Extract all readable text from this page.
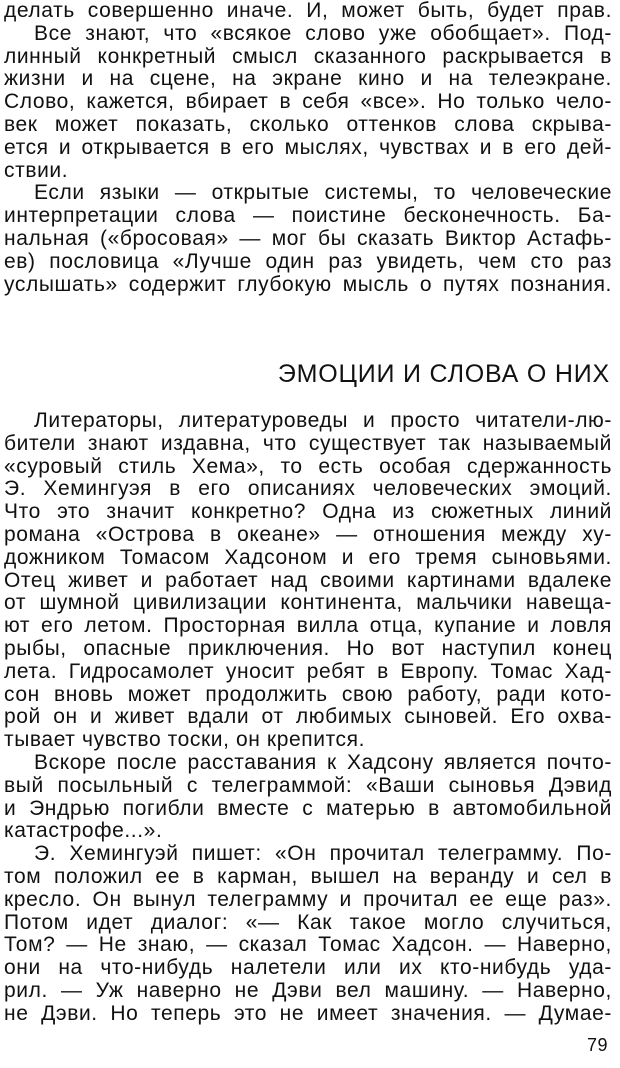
делать совершенно иначе. И, может быть, будет прав.
Все знают, что «всякое слово уже обобщает». Под-
линный конкретный смысл сказанного раскрывается в
жизни и на сцене, на экране кино и на телеэкране.
Слово, кажется, вбирает в себя «все». Но только чело-
век может показать, сколько оттенков слова скрыва-
ется и открывается в его мыслях, чувствах и в его дей-
ствии.
Если языки — открытые системы, то человеческие
интерпретации слова — поистине бесконечность. Ба-
нальная («бросовая» — мог бы сказать Виктор Астафь-
ев) пословица «Лучше один раз увидеть, чем сто раз
услышать» содержит глубокую мысль о путях познания.
ЭМОЦИИ И СЛОВА О НИХ
Литераторы, литературоведы и просто читатели-лю-
бители знают издавна, что существует так называемый
«суровый стиль Хема», то есть особая сдержанность
Э. Хемингуэя в его описаниях человеческих эмоций.
Что это значит конкретно? Одна из сюжетных линий
романа «Острова в океане» — отношения между ху-
дожником Томасом Хадсоном и его тремя сыновьями.
Отец живет и работает над своими картинами вдалеке
от шумной цивилизации континента, мальчики навеща-
ют его летом. Просторная вилла отца, купание и ловля
рыбы, опасные приключения. Но вот наступил конец
лета. Гидросамолет уносит ребят в Европу. Томас Хад-
сон вновь может продолжить свою работу, ради кото-
рой он и живет вдали от любимых сыновей. Его охва-
тывает чувство тоски, он крепится.
Вскоре после расставания к Хадсону является почто-
вый посыльный с телеграммой: «Ваши сыновья Дэвид
и Эндрью погибли вместе с матерью в автомобильной
катастрофе...».
Э. Хемингуэй пишет: «Он прочитал телеграмму. По-
том положил ее в карман, вышел на веранду и сел в
кресло. Он вынул телеграмму и прочитал ее еще раз».
Потом идет диалог: «— Как такое могло случиться,
Том? — Не знаю, — сказал Томас Хадсон. — Наверно,
они на что-нибудь налетели или их кто-нибудь уда-
рил. — Уж наверно не Дэви вел машину. — Наверно,
не Дэви. Но теперь это не имеет значения. — Думае-
79
